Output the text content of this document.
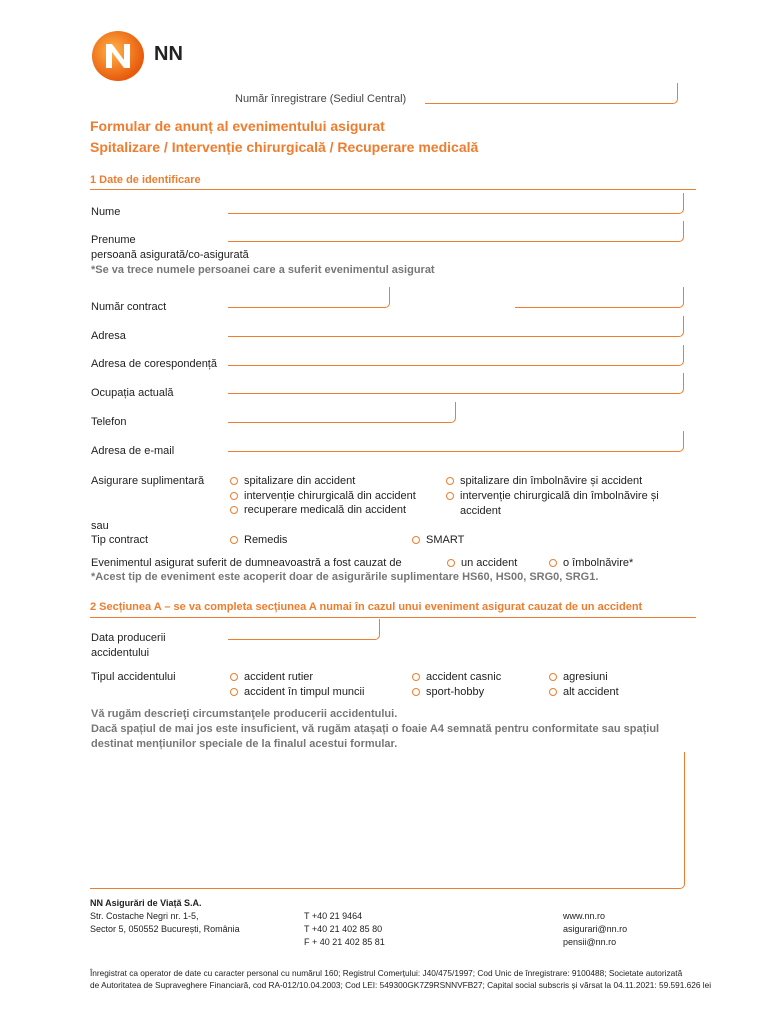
NN
Număr înregistrare (Sediul Central)
Formular de anunț al evenimentului asigurat
Spitalizare / Intervenție chirurgicală / Recuperare medicală
1 Date de identificare
Nume
Prenume
persoană asigurată/co-asigurată
*Se va trece numele persoanei care a suferit evenimentul asigurat
Număr contract
Adresa
Adresa de corespondență
Ocupația actuală
Telefon
Adresa de e-mail
Asigurare suplimentară	spitalizare din accident	spitalizare din îmbolnăvire și accident
intervenție chirurgicală din accident	intervenție chirurgicală din îmbolnăvire și
accident
recuperare medicală din accident
sau
Tip contract	Remedis	SMART
Evenimentul asigurat suferit de dumneavoastră a fost cauzat de	un accident	o îmbolnăvire*
*Acest tip de eveniment este acoperit doar de asigurările suplimentare HS60, HS00, SRG0, SRG1.
2 Secțiunea A – se va completa secțiunea A numai în cazul unui eveniment asigurat cauzat de un accident
Data producerii
accidentului
Tipul accidentului	accident rutier	accident casnic	agresiuni
accident în timpul muncii	sport-hobby	alt accident
Vă rugăm descrieţi circumstanţele producerii accidentului.
Dacă spațiul de mai jos este insuficient, vă rugăm atașați o foaie A4 semnată pentru conformitate sau spațiul
destinat mențiunilor speciale de la finalul acestui formular.
NN Asigurări de Viață S.A.
Str. Costache Negri nr. 1-5,
Sector 5, 050552 București, România
T +40 21 9464
T +40 21 402 85 80
F + 40 21 402 85 81
www.nn.ro
asigurari@nn.ro
pensii@nn.ro
Înregistrat ca operator de date cu caracter personal cu numărul 160; Registrul Comerțului: J40/475/1997; Cod Unic de înregistrare: 9100488; Societate autorizată
de Autoritatea de Supraveghere Financiară, cod RA-012/10.04.2003; Cod LEI: 549300GK7Z9RSNNVFB27; Capital social subscris și vărsat la 04.11.2021: 59.591.626 lei
